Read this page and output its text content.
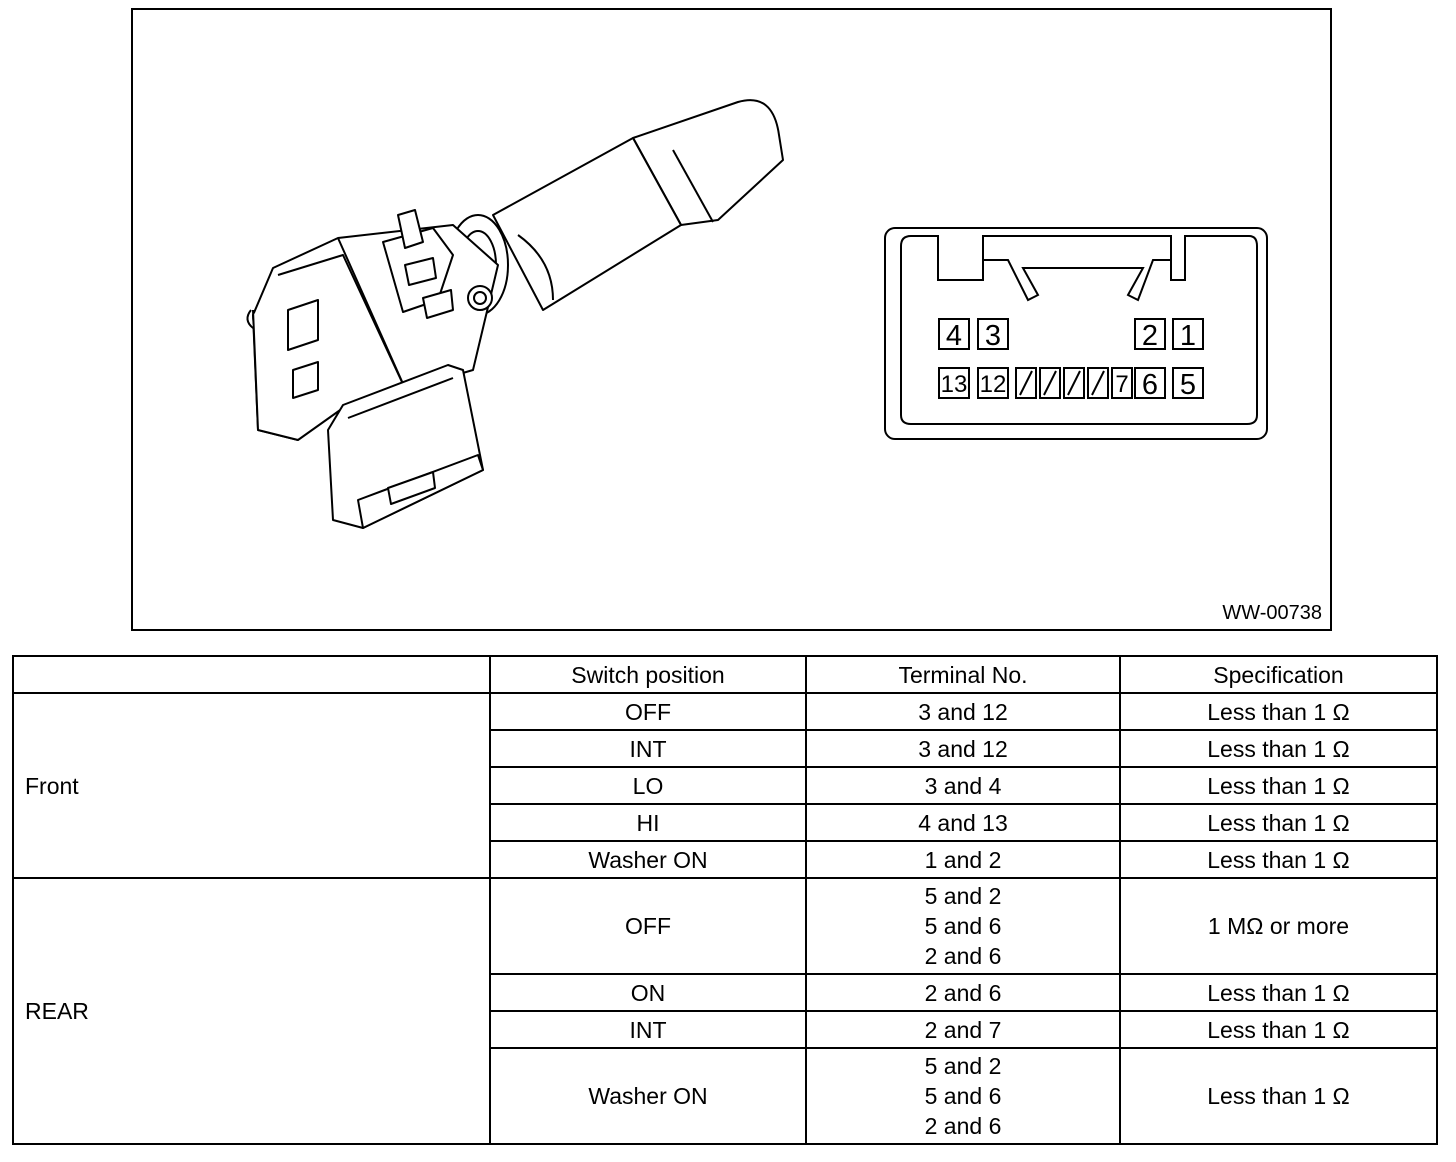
4 3	2 1
13 12	7 6 5
WW-00738
	Switch position	Terminal No.	Specification
Front	OFF	3 and 12	Less than 1 Ω
	INT	3 and 12	Less than 1 Ω
	LO	3 and 4	Less than 1 Ω
	HI	4 and 13	Less than 1 Ω
	Washer ON	1 and 2	Less than 1 Ω
REAR	OFF	5 and 2
5 and 6
2 and 6	1 MΩ or more
	ON	2 and 6	Less than 1 Ω
	INT	2 and 7	Less than 1 Ω
	Washer ON	5 and 2
5 and 6
2 and 6	Less than 1 Ω
